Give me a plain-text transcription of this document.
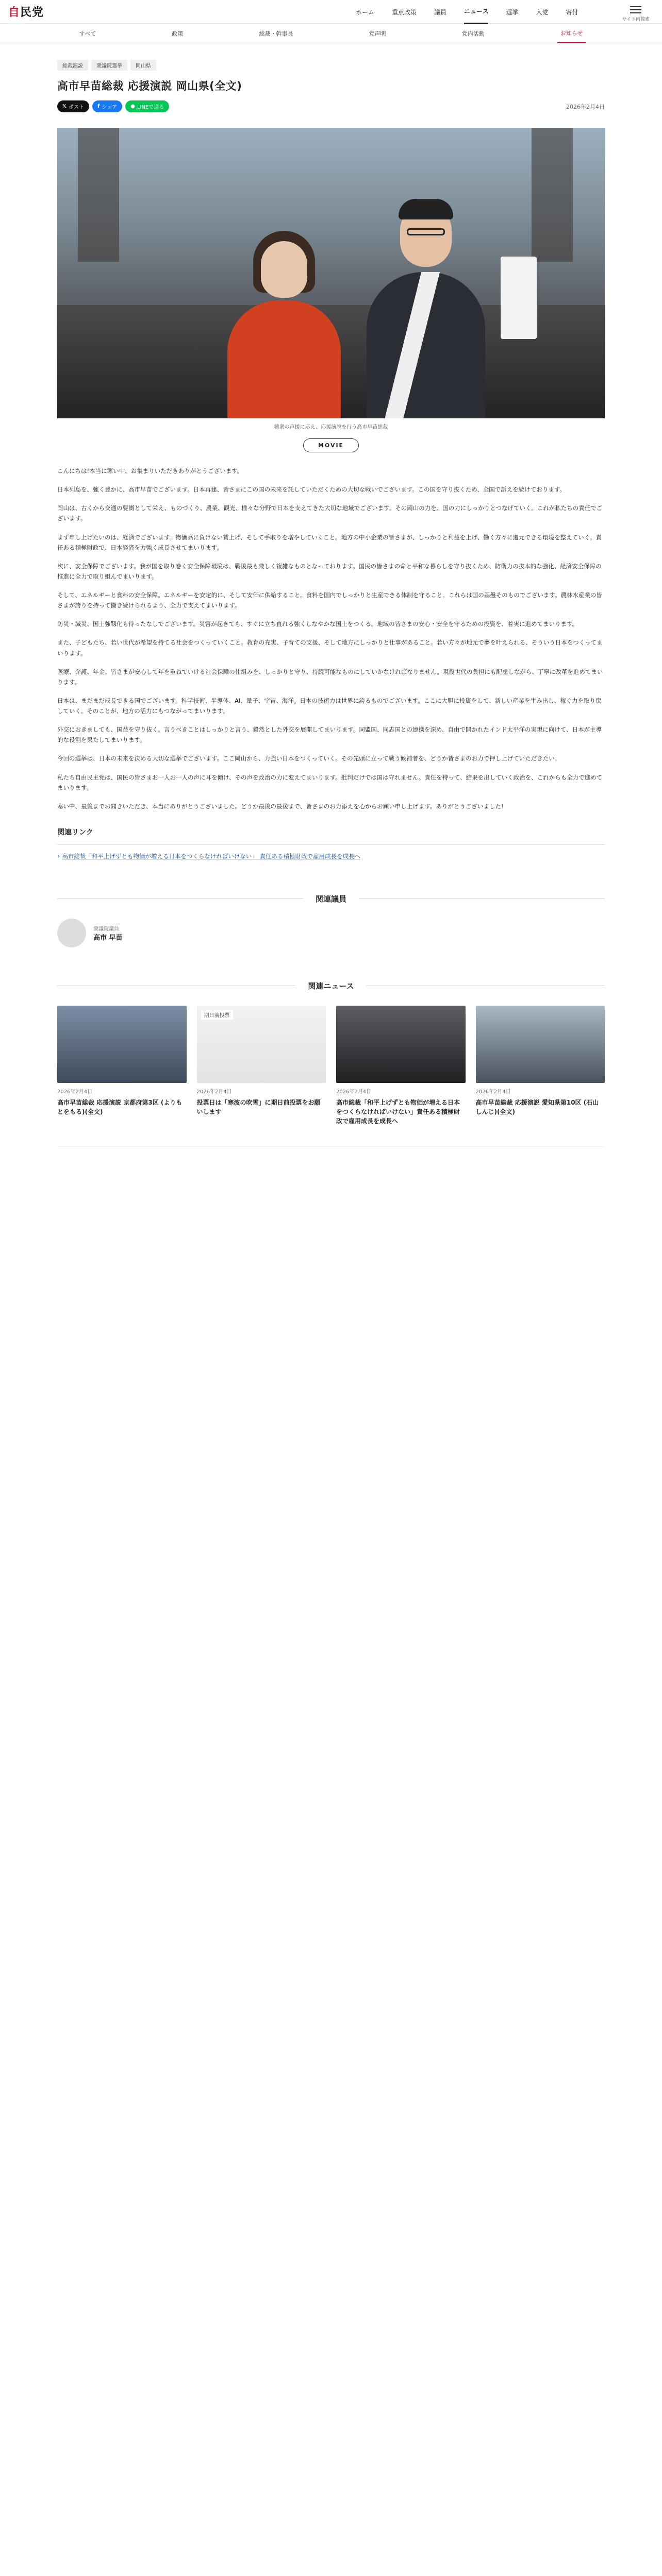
自民党	ホーム	重点政策	議員	ニュース	選挙	入党	寄付
サイト内検索
すべて	政策	総裁・幹事長	党声明	党内活動	お知らせ
総裁演説	衆議院選挙	岡山県
高市早苗総裁 応援演説 岡山県(全文)
𝕏 ポスト	f シェア	● LINEで送る	2026年2月4日
聴衆の声援に応え、応援演説を行う高市早苗総裁
MOVIE

こんにちは!本当に寒い中、お集まりいただきありがとうございます。

日本列島を、強く豊かに、高市早苗でございます。日本再建、皆さまにこの国の未来を託していただくための大切な戦いでございます。この国を守り抜くため、全国で訴えを続けております。

岡山は、古くから交通の要衝として栄え、ものづくり、農業、観光、様々な分野で日本を支えてきた大切な地域でございます。その岡山の力を、国の力にしっかりとつなげていく。これが私たちの責任でございます。

まず申し上げたいのは、経済でございます。物価高に負けない賃上げ、そして手取りを増やしていくこと。地方の中小企業の皆さまが、しっかりと利益を上げ、働く方々に還元できる環境を整えていく。責任ある積極財政で、日本経済を力強く成長させてまいります。

次に、安全保障でございます。我が国を取り巻く安全保障環境は、戦後最も厳しく複雑なものとなっております。国民の皆さまの命と平和な暮らしを守り抜くため、防衛力の抜本的な強化、経済安全保障の推進に全力で取り組んでまいります。

そして、エネルギーと食料の安全保障。エネルギーを安定的に、そして安価に供給すること。食料を国内でしっかりと生産できる体制を守ること。これらは国の基盤そのものでございます。農林水産業の皆さまが誇りを持って働き続けられるよう、全力で支えてまいります。

防災・減災、国土強靱化も待ったなしでございます。災害が起きても、すぐに立ち直れる強くしなやかな国土をつくる。地域の皆さまの安心・安全を守るための投資を、着実に進めてまいります。

また、子どもたち、若い世代が希望を持てる社会をつくっていくこと。教育の充実、子育ての支援、そして地方にしっかりと仕事があること。若い方々が地元で夢を叶えられる、そういう日本をつくってまいります。

医療、介護、年金。皆さまが安心して年を重ねていける社会保障の仕組みを、しっかりと守り、持続可能なものにしていかなければなりません。現役世代の負担にも配慮しながら、丁寧に改革を進めてまいります。

日本は、まだまだ成長できる国でございます。科学技術、半導体、AI、量子、宇宙、海洋。日本の技術力は世界に誇るものでございます。ここに大胆に投資をして、新しい産業を生み出し、稼ぐ力を取り戻していく。そのことが、地方の活力にもつながってまいります。

外交におきましても、国益を守り抜く。言うべきことはしっかりと言う、毅然とした外交を展開してまいります。同盟国、同志国との連携を深め、自由で開かれたインド太平洋の実現に向けて、日本が主導的な役割を果たしてまいります。

今回の選挙は、日本の未来を決める大切な選挙でございます。ここ岡山から、力強い日本をつくっていく。その先頭に立って戦う候補者を、どうか皆さまのお力で押し上げていただきたい。

私たち自由民主党は、国民の皆さまお一人お一人の声に耳を傾け、その声を政治の力に変えてまいります。批判だけでは国は守れません。責任を持って、結果を出していく政治を、これからも全力で進めてまいります。

寒い中、最後までお聞きいただき、本当にありがとうございました。どうか最後の最後まで、皆さまのお力添えを心からお願い申し上げます。ありがとうございました!

関連リンク
› 高市総裁「和平上げずとも物価が増える日本をつくらなければいけない」 責任ある積極財政で雇用成長を成長へ
関連議員
衆議院議員
高市 早苗
関連ニュース
2026年2月4日
高市早苗総裁 応援演説 京都府第3区 (よりもとをもる)(全文)
期日前投票
2026年2月4日
投票日は「寒波の吹雪」に期日前投票をお願いします
2026年2月4日
高市総裁「和平上げずとも物価が増える日本をつくらなければいけない」責任ある積極財政で雇用成長を成長へ
2026年2月4日
高市早苗総裁 応援演説 愛知県第10区 (石山しんじ)(全文)
